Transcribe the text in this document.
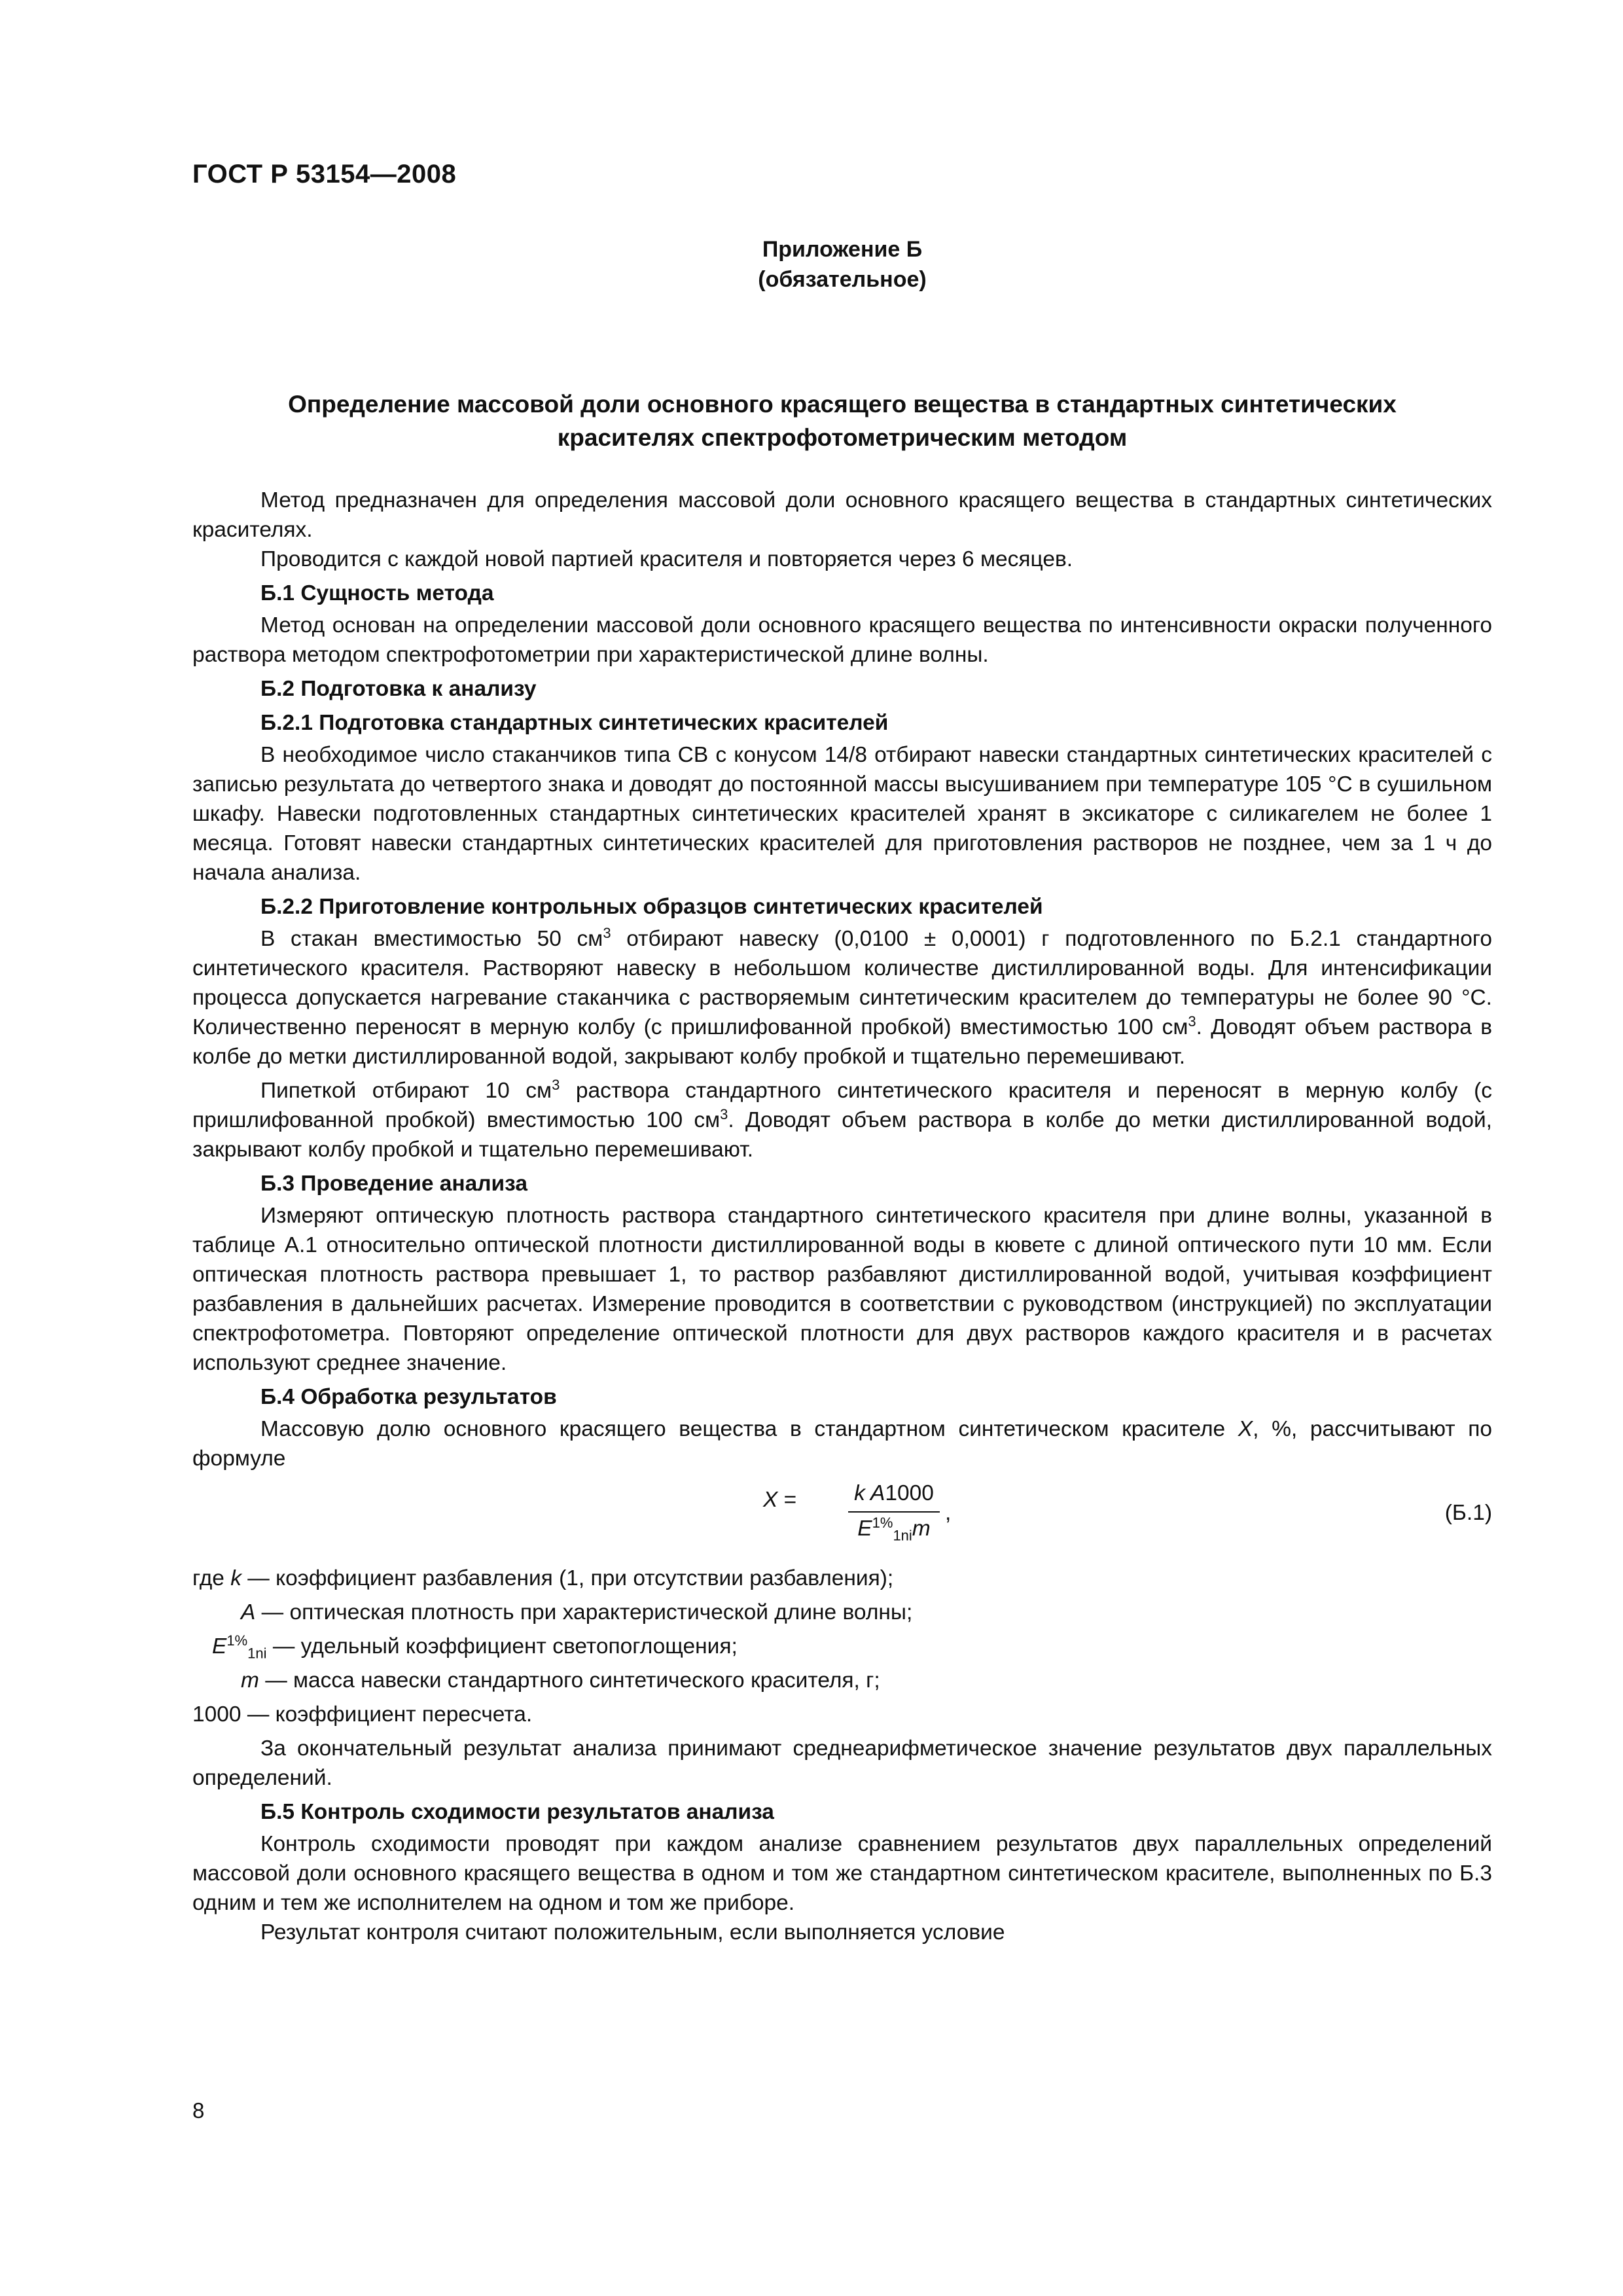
ГОСТ Р 53154—2008
Приложение Б
(обязательное)
Определение массовой доли основного красящего вещества в стандартных синтетических
красителях спектрофотометрическим методом

Метод предназначен для определения массовой доли основного красящего вещества в стандартных синтетических красителях.

Проводится с каждой новой партией красителя и повторяется через 6 месяцев.

Б.1 Сущность метода

Метод основан на определении массовой доли основного красящего вещества по интенсивности окраски полученного раствора методом спектрофотометрии при характеристической длине волны.

Б.2 Подготовка к анализу
Б.2.1 Подготовка стандартных синтетических красителей

В необходимое число стаканчиков типа СВ с конусом 14/8 отбирают навески стандартных синтетических красителей с записью результата до четвертого знака и доводят до постоянной массы высушиванием при температуре 105 °С в сушильном шкафу. Навески подготовленных стандартных синтетических красителей хранят в эксикаторе с силикагелем не более 1 месяца. Готовят навески стандартных синтетических красителей для приготовления растворов не позднее, чем за 1 ч до начала анализа.

Б.2.2 Приготовление контрольных образцов синтетических красителей

В стакан вместимостью 50 $см^3$ отбирают навеску (0,0100 ± 0,0001) г подготовленного по Б.2.1 стандартного синтетического красителя. Растворяют навеску в небольшом количестве дистиллированной воды. Для интенсификации процесса допускается нагревание стаканчика с растворяемым синтетическим красителем до температуры не более 90 °С. Количественно переносят в мерную колбу (с пришлифованной пробкой) вместимостью 100 $см^3$. Доводят объем раствора в колбе до метки дистиллированной водой, закрывают колбу пробкой и тщательно перемешивают.

Пипеткой отбирают 10 $см^3$ раствора стандартного синтетического красителя и переносят в мерную колбу (с пришлифованной пробкой) вместимостью 100 $см^3$. Доводят объем раствора в колбе до метки дистиллированной водой, закрывают колбу пробкой и тщательно перемешивают.

Б.3 Проведение анализа

Измеряют оптическую плотность раствора стандартного синтетического красителя при длине волны, указанной в таблице А.1 относительно оптической плотности дистиллированной воды в кювете с длиной оптического пути 10 мм. Если оптическая плотность раствора превышает 1, то раствор разбавляют дистиллированной водой, учитывая коэффициент разбавления в дальнейших расчетах. Измерение проводится в соответствии с руководством (инструкцией) по эксплуатации спектрофотометра. Повторяют определение оптической плотности для двух растворов каждого красителя и в расчетах используют среднее значение.

Б.4 Обработка результатов

Массовую долю основного красящего вещества в стандартном синтетическом красителе X, %, рассчитывают по формуле

X =	k A1000
$E^{1\%}_{1ni}m$
,	(Б.1)
где k — коэффициент разбавления (1, при отсутствии разбавления);
A — оптическая плотность при характеристической длине волны;
$E^{1\%}_{1ni}$ — удельный коэффициент светопоглощения;
m — масса навески стандартного синтетического красителя, г;
1000 — коэффициент пересчета.

За окончательный результат анализа принимают среднеарифметическое значение результатов двух параллельных определений.

Б.5 Контроль сходимости результатов анализа

Контроль сходимости проводят при каждом анализе сравнением результатов двух параллельных определений массовой доли основного красящего вещества в одном и том же стандартном синтетическом красителе, выполненных по Б.3 одним и тем же исполнителем на одном и том же приборе.

Результат контроля считают положительным, если выполняется условие

8
